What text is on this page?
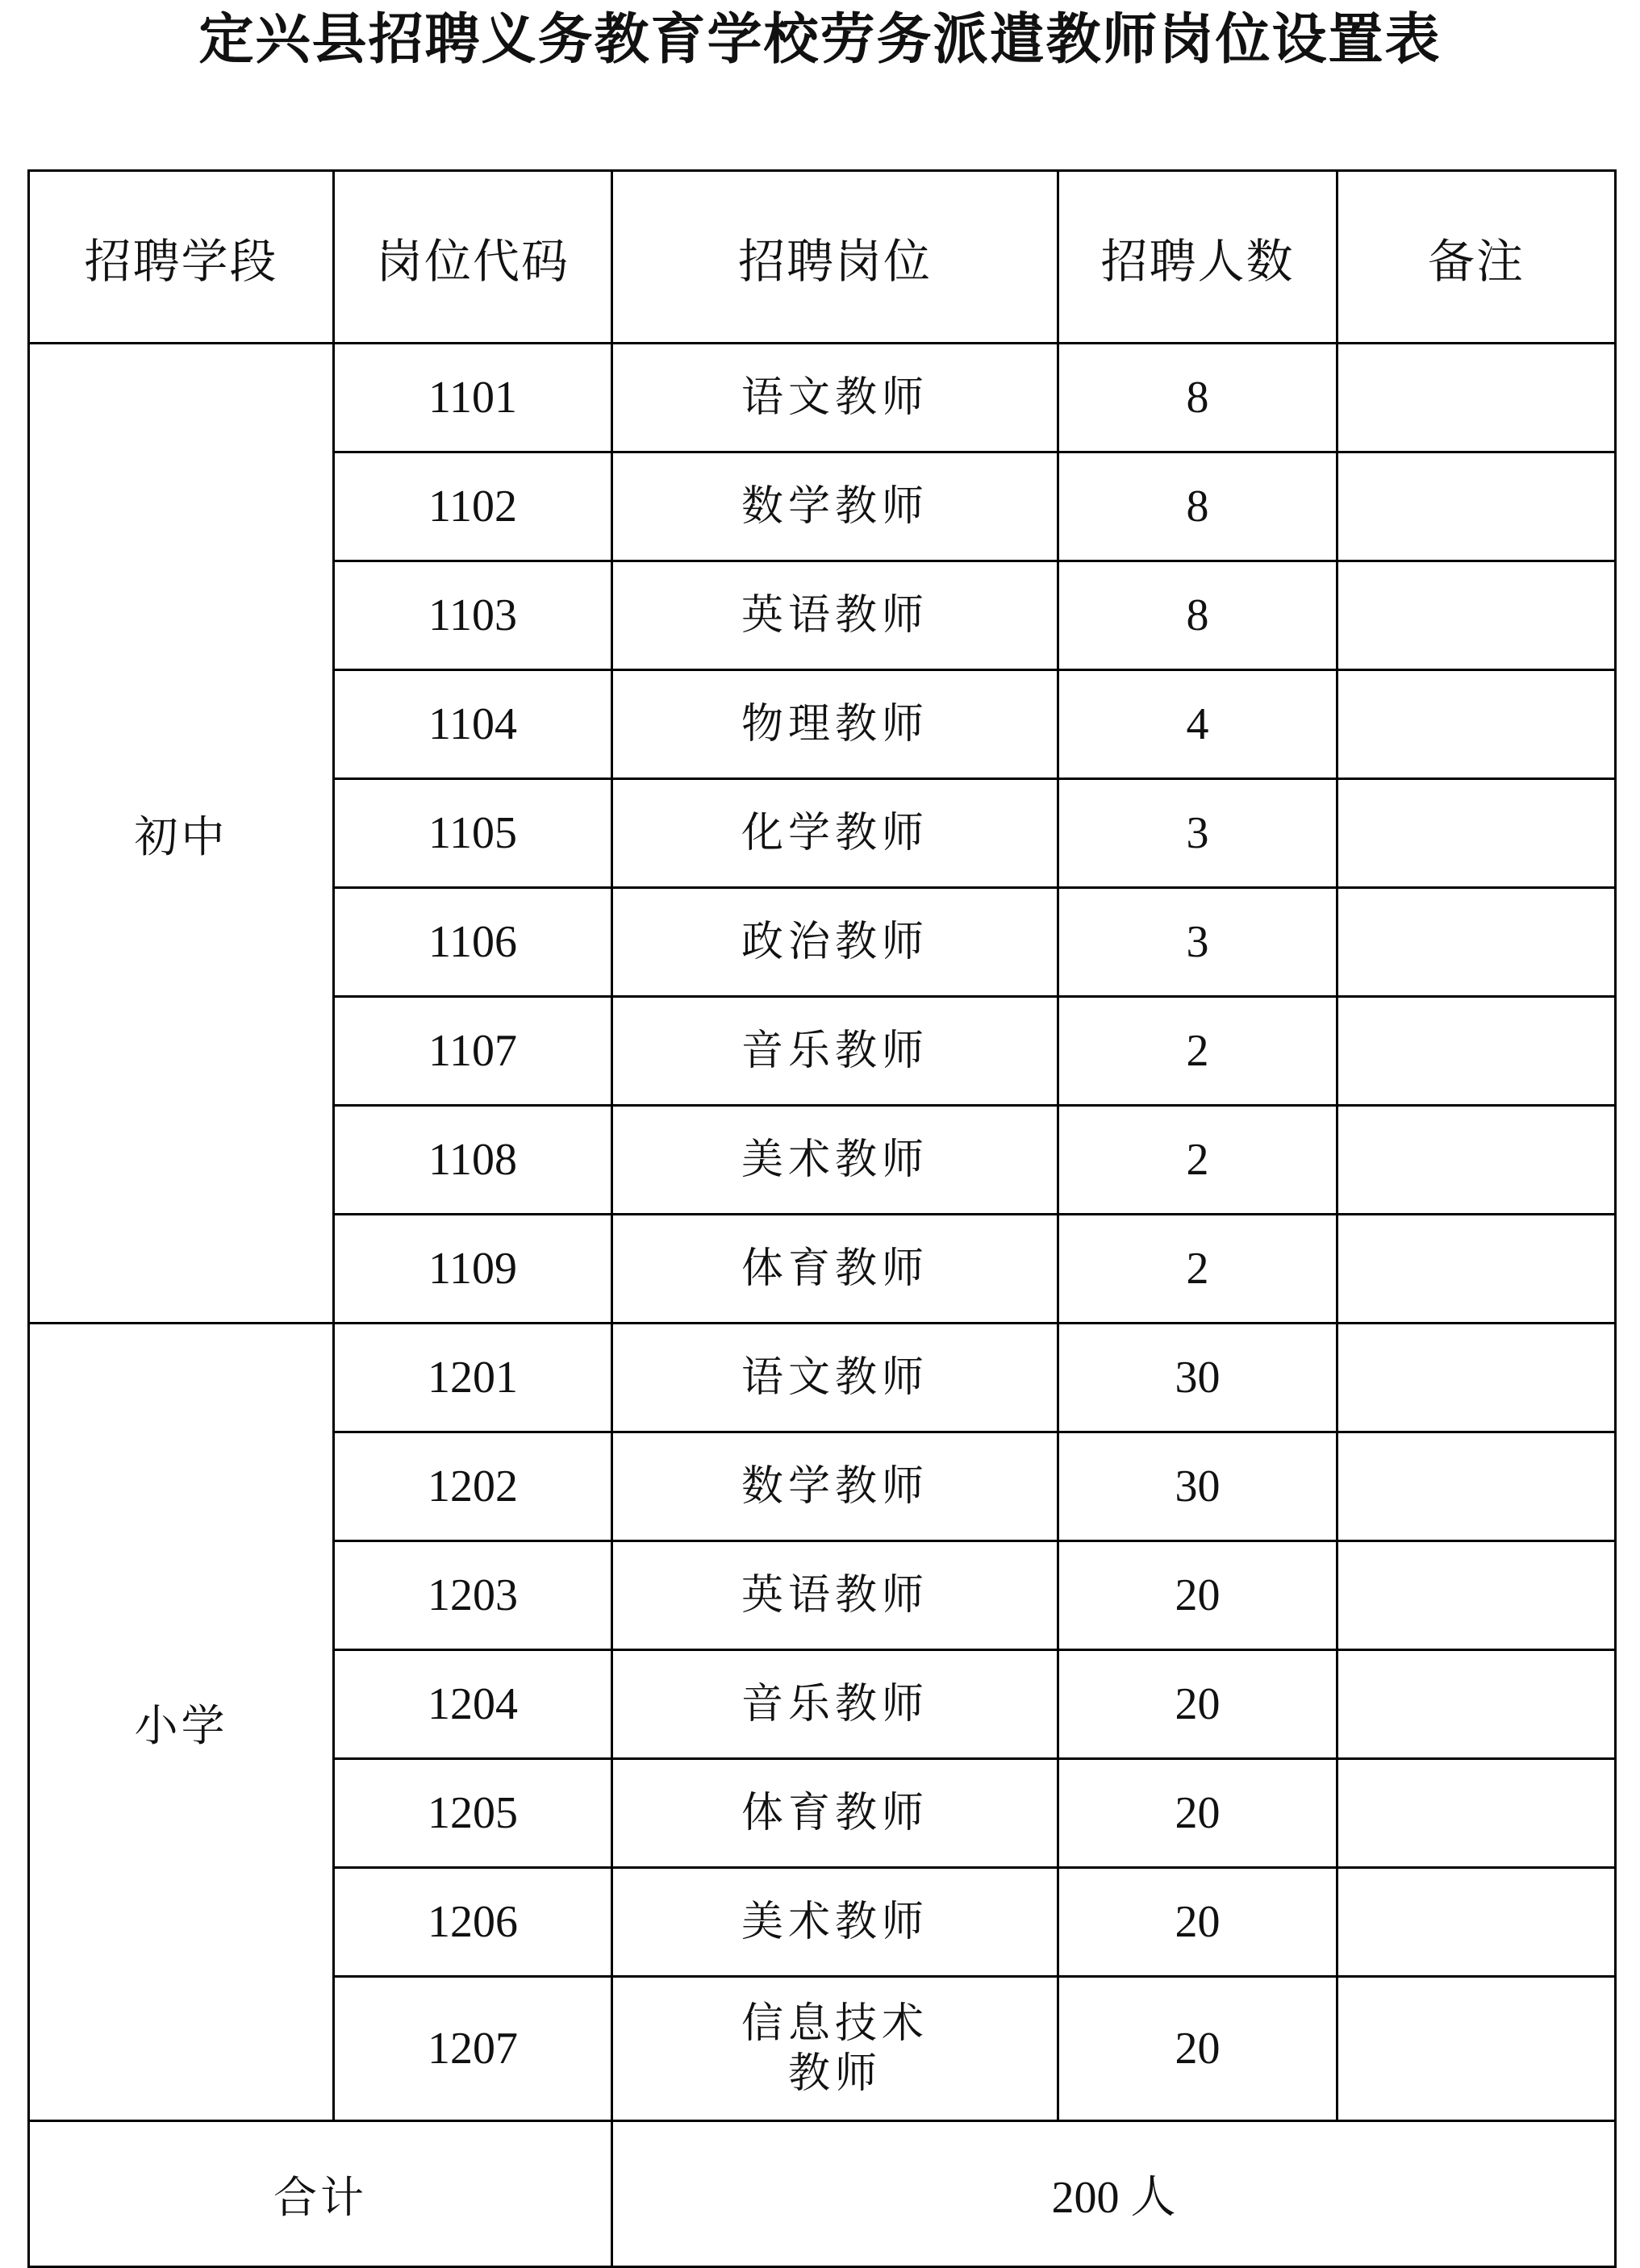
定兴县招聘义务教育学校劳务派遣教师岗位设置表
招聘学段	岗位代码	招聘岗位	招聘人数	备注
初中	1101	语文教师	8	
	1102	数学教师	8	
	1103	英语教师	8	
	1104	物理教师	4	
	1105	化学教师	3	
	1106	政治教师	3	
	1107	音乐教师	2	
	1108	美术教师	2	
	1109	体育教师	2	
小学	1201	语文教师	30	
	1202	数学教师	30	
	1203	英语教师	20	
	1204	音乐教师	20	
	1205	体育教师	20	
	1206	美术教师	20	
	1207	信息技术教师	20	
合计		200 人		
